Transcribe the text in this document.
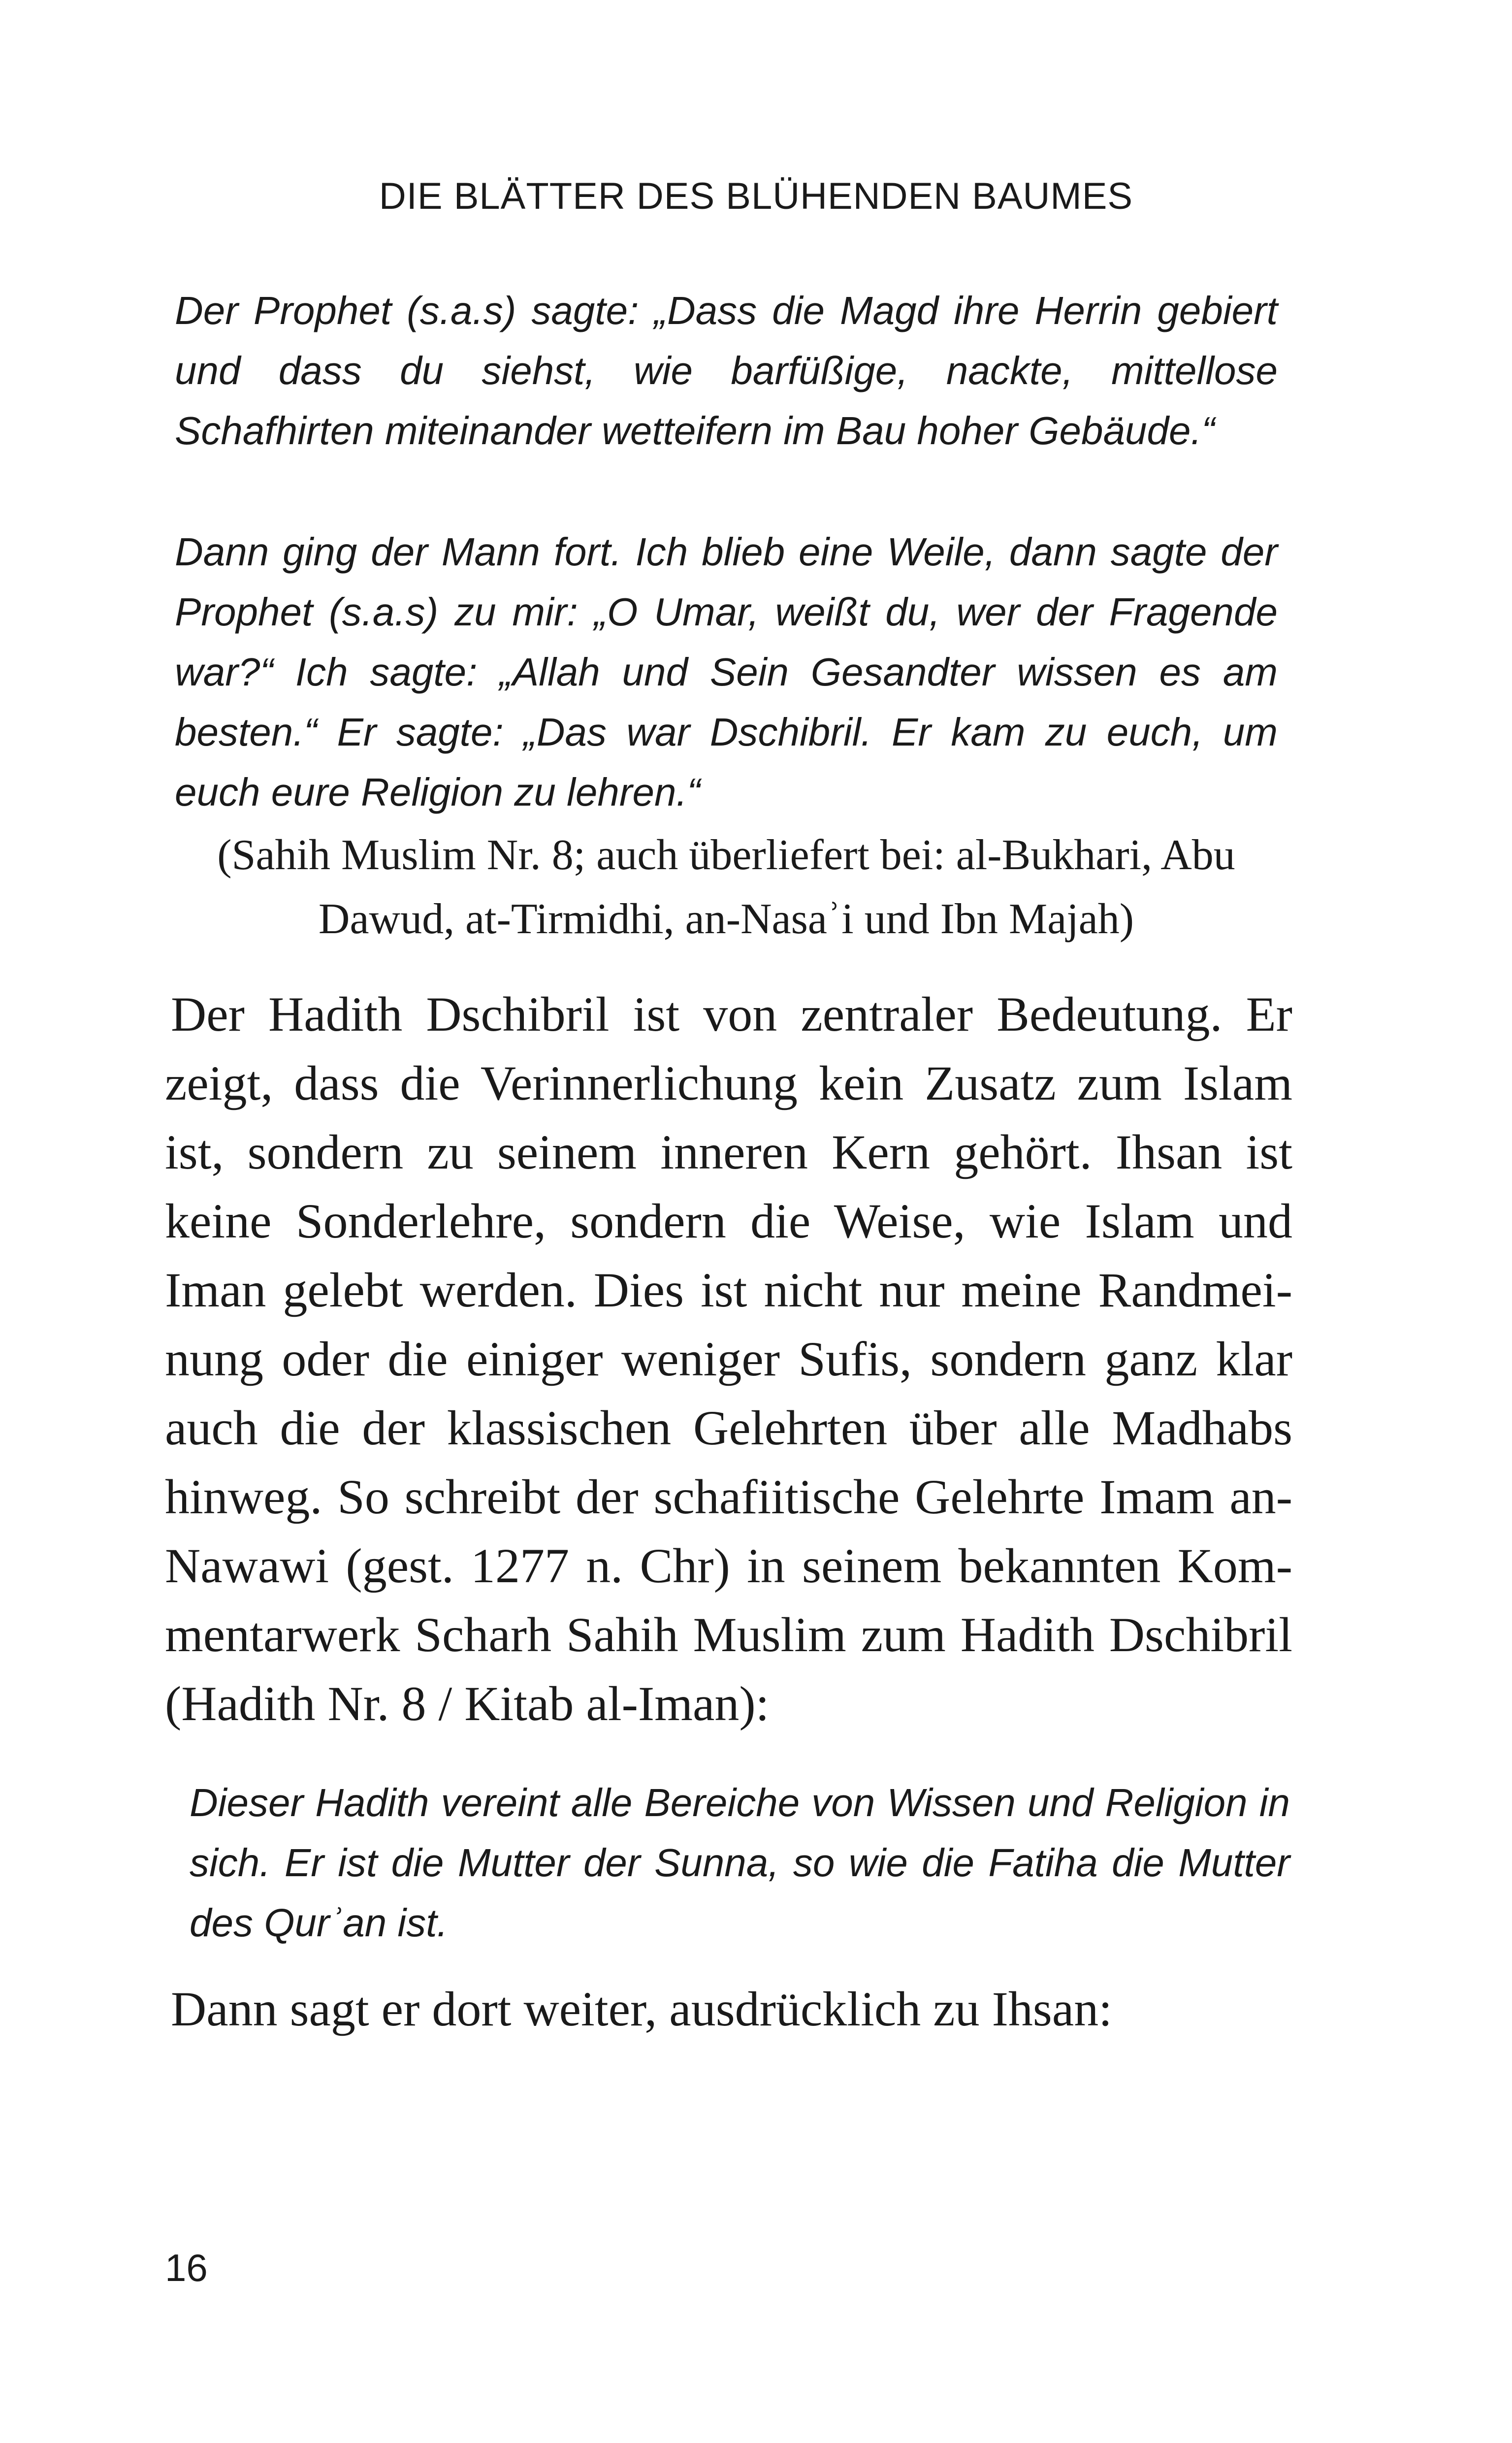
DIE BLÄTTER DES BLÜHENDEN BAUMES

Der Prophet (s.a.s) sagte: „Dass die Magd ihre Herrin gebiert und dass du siehst, wie barfüßige, nackte, mittellose Schafhirten miteinander wetteifern im Bau hoher Gebäude.“

Dann ging der Mann fort. Ich blieb eine Weile, dann sagte der Prophet (s.a.s) zu mir: „O Umar, weißt du, wer der Fragende war?“ Ich sagte: „Allah und Sein Gesandter wissen es am besten.“ Er sagte: „Das war Dschibril. Er kam zu euch, um euch eure Religion zu lehren.“

(Sahih Muslim Nr. 8; auch überliefert bei: al-Bukhari, Abu Dawud, at-Tirmidhi, an-Nasaʾi und Ibn Majah)

Der Hadith Dschibril ist von zentraler Bedeutung. Er zeigt, dass die Verinnerlichung kein Zusatz zum Islam ist, sondern zu seinem inneren Kern gehört. Ihsan ist keine Sonderlehre, sondern die Weise, wie Islam und Iman gelebt werden. Dies ist nicht nur meine Randmeinung oder die einiger weniger Sufis, sondern ganz klar auch die der klassischen Gelehrten über alle Madhabs hinweg. So schreibt der schafiitische Gelehrte Imam an-Nawawi (gest. 1277 n. Chr) in seinem bekannten Kommentarwerk Scharh Sahih Muslim zum Hadith Dschibril (Hadith Nr. 8 / Kitab al-Iman):

Dieser Hadith vereint alle Bereiche von Wissen und Religion in sich. Er ist die Mutter der Sunna, so wie die Fatiha die Mutter des Qurʾan ist.

Dann sagt er dort weiter, ausdrücklich zu Ihsan:

16
